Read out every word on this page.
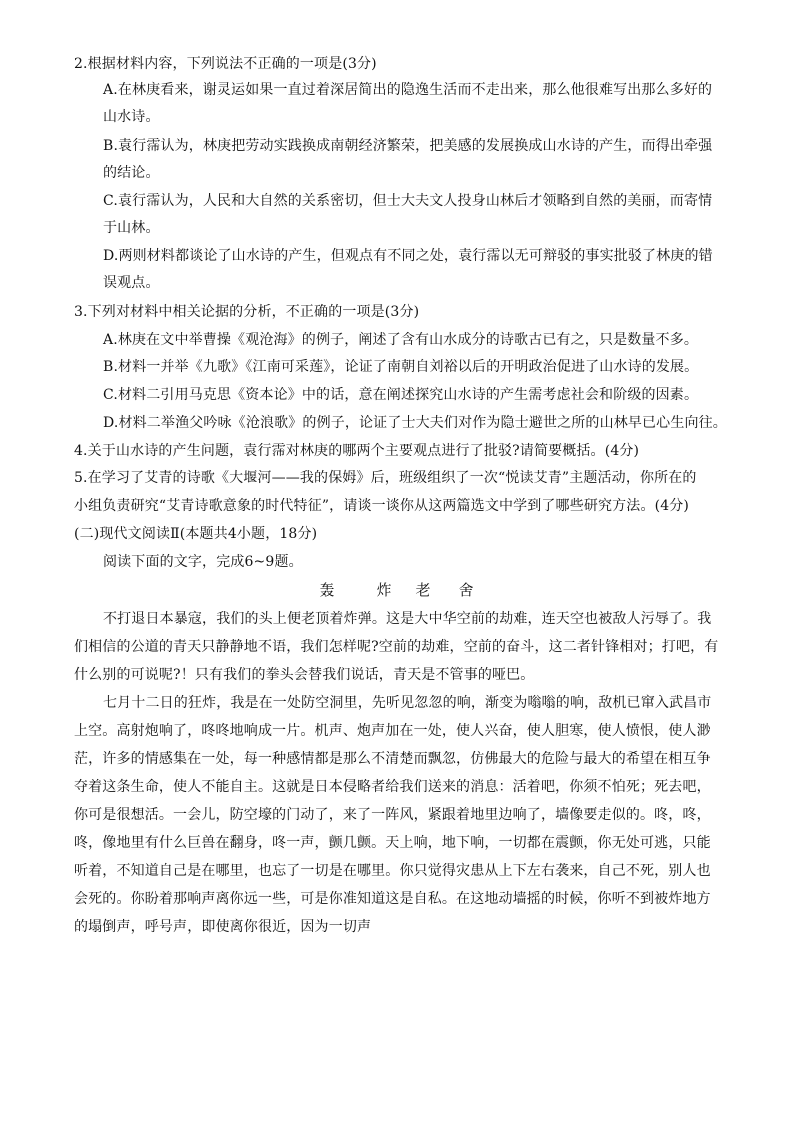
2.根据材料内容，下列说法不正确的一项是(3分)
A.在林庚看来，谢灵运如果一直过着深居简出的隐逸生活而不走出来，那么他很难写出那么多好的
山水诗。
B.袁行霈认为，林庚把劳动实践换成南朝经济繁荣，把美感的发展换成山水诗的产生，而得出牵强
的结论。
C.袁行霈认为，人民和大自然的关系密切，但士大夫文人投身山林后才领略到自然的美丽，而寄情
于山林。
D.两则材料都谈论了山水诗的产生，但观点有不同之处，袁行霈以无可辩驳的事实批驳了林庚的错
误观点。
3.下列对材料中相关论据的分析，不正确的一项是(3分)
A.林庚在文中举曹操《观沧海》的例子，阐述了含有山水成分的诗歌古已有之，只是数量不多。
B.材料一并举《九歌》《江南可采莲》，论证了南朝自刘裕以后的开明政治促进了山水诗的发展。
C.材料二引用马克思《资本论》中的话，意在阐述探究山水诗的产生需考虑社会和阶级的因素。
D.材料二举渔父吟咏《沧浪歌》的例子，论证了士大夫们对作为隐士避世之所的山林早已心生向往。
4.关于山水诗的产生问题，袁行霈对林庚的哪两个主要观点进行了批驳?请简要概括。(4分)
5.在学习了艾青的诗歌《大堰河——我的保姆》后，班级组织了一次“悦读艾青”主题活动，你所在的
小组负责研究“艾青诗歌意象的时代特征”，请谈一谈你从这两篇选文中学到了哪些研究方法。(4分)
(二)现代文阅读Ⅱ(本题共4小题，18分)
阅读下面的文字，完成6~9题。
轰	炸 老 舍
不打退日本暴寇，我们的头上便老顶着炸弹。这是大中华空前的劫难，连天空也被敌人污辱了。我
们相信的公道的青天只静静地不语，我们怎样呢?空前的劫难，空前的奋斗，这二者针锋相对；打吧，有
什么别的可说呢?！只有我们的拳头会替我们说话，青天是不管事的哑巴。
七月十二日的狂炸，我是在一处防空洞里，先听见忽忽的响，渐变为嗡嗡的响，敌机已窜入武昌市
上空。高射炮响了，咚咚地响成一片。机声、炮声加在一处，使人兴奋，使人胆寒，使人愤恨，使人渺
茫，许多的情感集在一处，每一种感情都是那么不清楚而飘忽，仿佛最大的危险与最大的希望在相互争
夺着这条生命，使人不能自主。这就是日本侵略者给我们送来的消息：活着吧，你须不怕死；死去吧，
你可是很想活。一会儿，防空壕的门动了，来了一阵风，紧跟着地里边响了，墙像要走似的。咚，咚，
咚，像地里有什么巨兽在翻身，咚一声，颤几颤。天上响，地下响，一切都在震颤，你无处可逃，只能
听着，不知道自己是在哪里，也忘了一切是在哪里。你只觉得灾患从上下左右袭来，自己不死，别人也
会死的。你盼着那响声离你远一些，可是你准知道这是自私。在这地动墙摇的时候，你听不到被炸地方
的塌倒声，呼号声，即使离你很近，因为一切声
